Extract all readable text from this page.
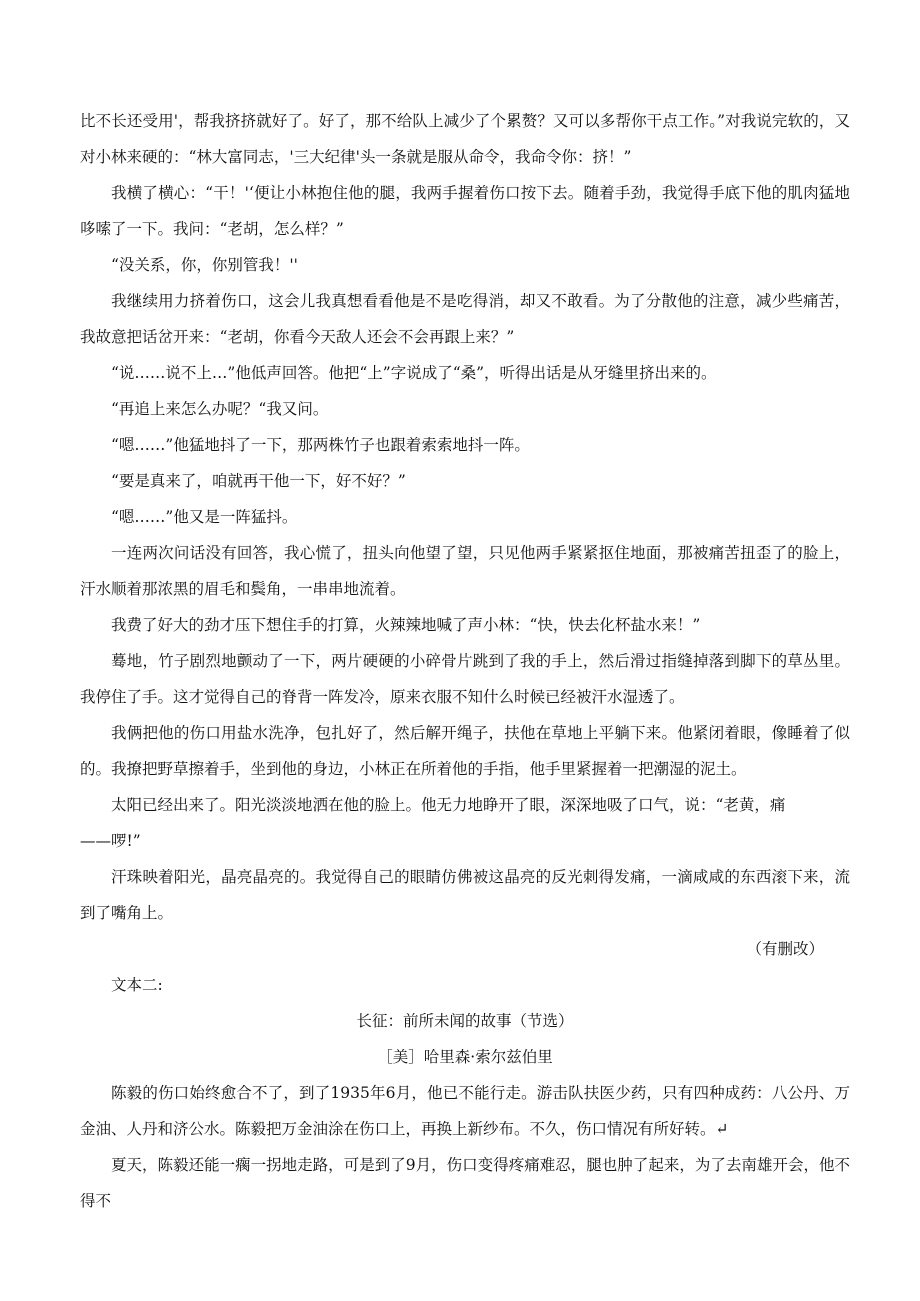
比不长还受用'，帮我挤挤就好了。好了，那不给队上减少了个累赘？又可以多帮你干点工作。”对我说完软的，又对小林来硬的：“林大富同志，'三大纪律'头一条就是服从命令，我命令你：挤！”

我横了横心：“干！'‘便让小林抱住他的腿，我两手握着伤口按下去。随着手劲，我觉得手底下他的肌肉猛地哆嗦了一下。我问：“老胡，怎么样？”

“没关系，你，你别管我！''

我继续用力挤着伤口，这会儿我真想看看他是不是吃得消，却又不敢看。为了分散他的注意，减少些痛苦，我故意把话岔开来：“老胡，你看今天敌人还会不会再跟上来？”

“说……说不上…”他低声回答。他把“上”字说成了“桑”，听得出话是从牙缝里挤出来的。

“再追上来怎么办呢？“我又问。

“嗯……”他猛地抖了一下，那两株竹子也跟着索索地抖一阵。

“要是真来了，咱就再干他一下，好不好？”

“嗯……”他又是一阵猛抖。

一连两次问话没有回答，我心慌了，扭头向他望了望，只见他两手紧紧抠住地面，那被痛苦扭歪了的脸上，汗水顺着那浓黑的眉毛和鬓角，一串串地流着。

我费了好大的劲才压下想住手的打算，火辣辣地喊了声小林：“快，快去化杯盐水来！”

蓦地，竹子剧烈地颤动了一下，两片硬硬的小碎骨片跳到了我的手上，然后滑过指缝掉落到脚下的草丛里。我停住了手。这才觉得自己的脊背一阵发冷，原来衣服不知什么时候已经被汗水湿透了。

我俩把他的伤口用盐水洗净，包扎好了，然后解开绳子，扶他在草地上平躺下来。他紧闭着眼，像睡着了似的。我撩把野草擦着手，坐到他的身边，小林正在所着他的手指，他手里紧握着一把潮湿的泥土。

太阳已经出来了。阳光淡淡地洒在他的脸上。他无力地睁开了眼，深深地吸了口气，说：“老黄，痛

——啰!”

汗珠映着阳光，晶亮晶亮的。我觉得自己的眼睛仿佛被这晶亮的反光刺得发痛，一滴咸咸的东西滚下来，流到了嘴角上。

（有删改）

文本二:

长征：前所未闻的故事（节选）

［美］哈里森·索尔兹伯里

陈毅的伤口始终愈合不了，到了1935年6月，他已不能行走。游击队扶医少药，只有四种成药：八公丹、万金油、人丹和济公水。陈毅把万金油涂在伤口上，再换上新纱布。不久，伤口情况有所好转。↵

夏天，陈毅还能一瘸一拐地走路，可是到了9月，伤口变得疼痛难忍，腿也肿了起来，为了去南雄开会，他不得不
